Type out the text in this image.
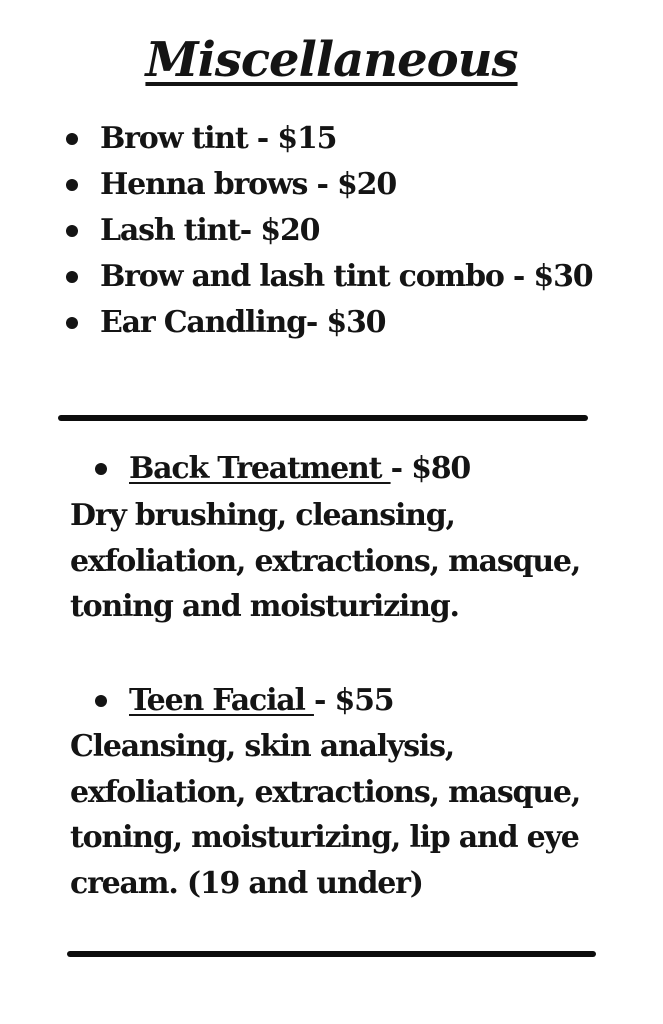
Miscellaneous
Brow tint - $15
Henna brows - $20
Lash tint- $20
Brow and lash tint combo - $30
Ear Candling- $30
Back Treatment - $80
Dry brushing, cleansing,
exfoliation, extractions, masque,
toning and moisturizing.
Teen Facial - $55
Cleansing, skin analysis,
exfoliation, extractions, masque,
toning, moisturizing, lip and eye
cream. (19 and under)
